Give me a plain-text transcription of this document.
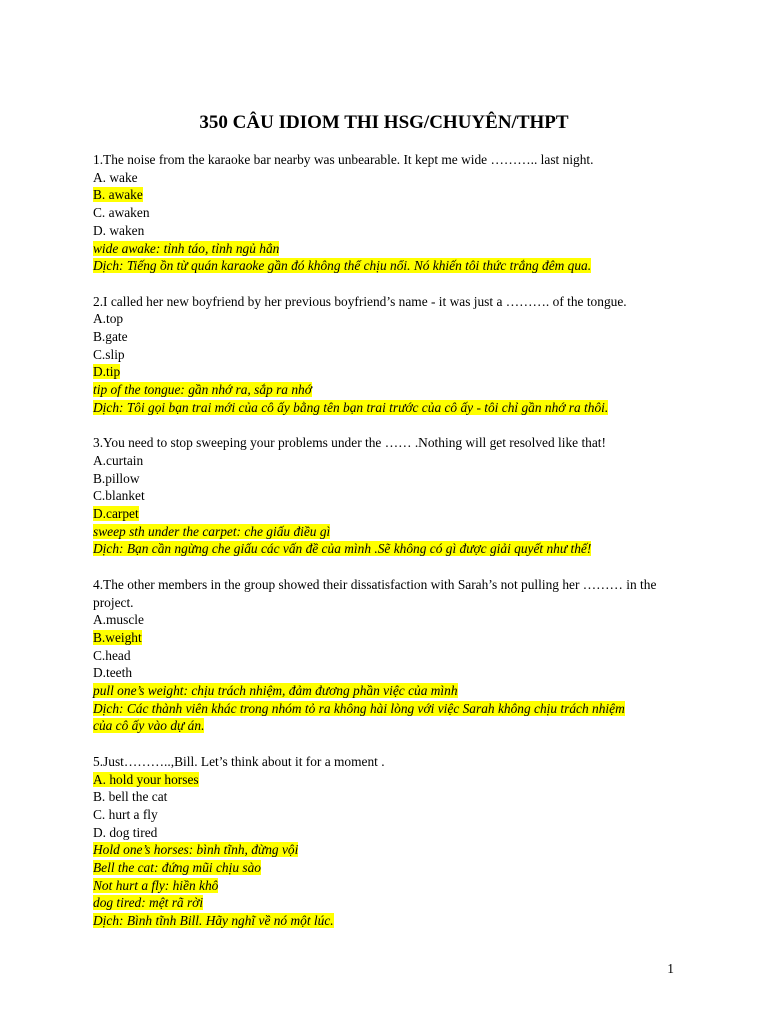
350 CÂU IDIOM THI HSG/CHUYÊN/THPT

1.The noise from the karaoke bar nearby was unbearable. It kept me wide ……….. last night.

A. wake

B. awake

C. awaken

D. waken

wide awake: tỉnh táo, tỉnh ngủ hẳn

Dịch: Tiếng ồn từ quán karaoke gần đó không thể chịu nổi. Nó khiến tôi thức trắng đêm qua.

2.I called her new boyfriend by her previous boyfriend’s name - it was just a ………. of the tongue.

A.top

B.gate

C.slip

D.tip

tip of the tongue: gần nhớ ra, sắp ra nhớ

Dịch: Tôi gọi bạn trai mới của cô ấy bằng tên bạn trai trước của cô ấy - tôi chỉ gần nhớ ra thôi.

3.You need to stop sweeping your problems under the …… .Nothing will get resolved like that!

A.curtain

B.pillow

C.blanket

D.carpet

sweep sth under the carpet: che giấu điều gì

Dịch: Bạn cần ngừng che giấu các vấn đề của mình .Sẽ không có gì được giải quyết như thế!

4.The other members in the group showed their dissatisfaction with Sarah’s not pulling her ……… in the project.

A.muscle

B.weight

C.head

D.teeth

pull one’s weight: chịu trách nhiệm, đảm đương phần việc của mình

Dịch: Các thành viên khác trong nhóm tỏ ra không hài lòng với việc Sarah không chịu trách nhiệm

của cô ấy vào dự án.

5.Just………..,Bill. Let’s think about it for a moment .

A. hold your horses

B. bell the cat

C. hurt a fly

D. dog tired

Hold one’s horses: bình tĩnh, đừng vội

Bell the cat: đứng mũi chịu sào

Not hurt a fly: hiền khô

dog tired: mệt rã rời

Dịch: Bình tĩnh Bill. Hãy nghĩ về nó một lúc.

1
